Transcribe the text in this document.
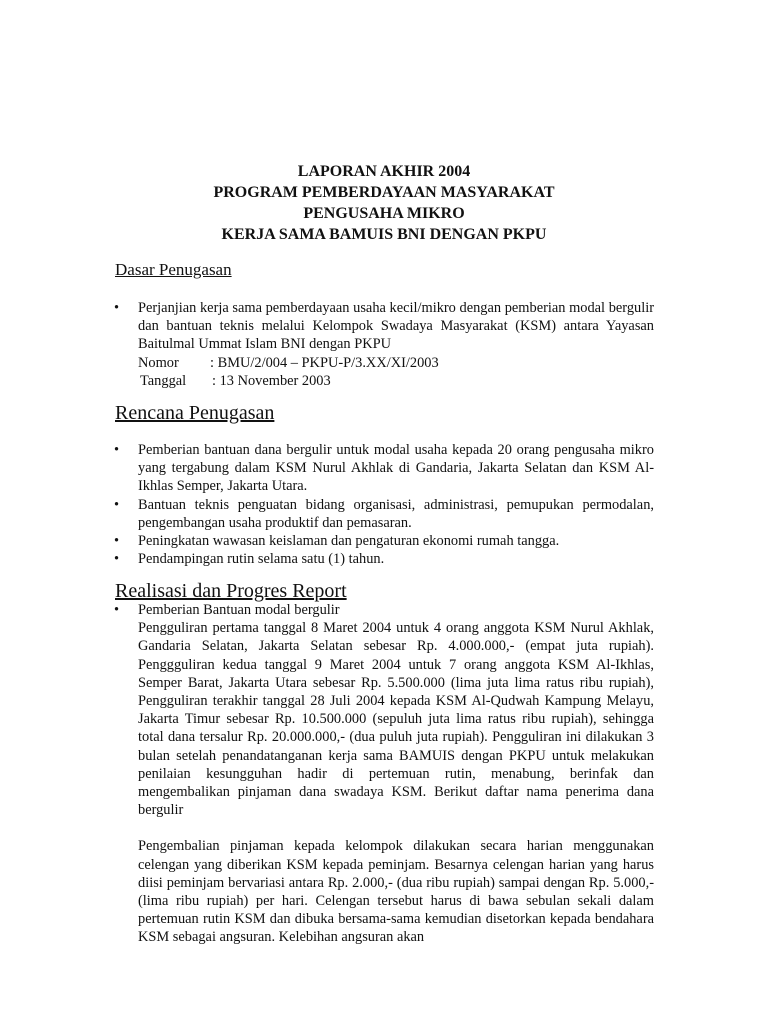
LAPORAN AKHIR 2004
PROGRAM PEMBERDAYAAN MASYARAKAT
PENGUSAHA MIKRO
KERJA SAMA BAMUIS BNI DENGAN PKPU
Dasar Penugasan
• Perjanjian kerja sama pemberdayaan usaha kecil/mikro dengan pemberian modal bergulir dan bantuan teknis melalui Kelompok Swadaya Masyarakat (KSM) antara Yayasan Baitulmal Ummat Islam BNI dengan PKPU
Nomor	: BMU/2/004 – PKPU-P/3.XX/XI/2003
Tanggal	: 13 November 2003
Rencana Penugasan
• Pemberian bantuan dana bergulir untuk modal usaha kepada 20 orang pengusaha mikro yang tergabung dalam KSM Nurul Akhlak di Gandaria, Jakarta Selatan dan KSM Al-Ikhlas Semper, Jakarta Utara.
• Bantuan teknis penguatan bidang organisasi, administrasi, pemupukan permodalan, pengembangan usaha produktif dan pemasaran.
• Peningkatan wawasan keislaman dan pengaturan ekonomi rumah tangga.
• Pendampingan rutin selama satu (1) tahun.
Realisasi dan Progres Report
• Pemberian Bantuan modal bergulir
Pengguliran pertama tanggal 8 Maret 2004 untuk 4 orang anggota KSM Nurul Akhlak, Gandaria Selatan, Jakarta Selatan sebesar Rp. 4.000.000,- (empat juta rupiah). Penggguliran kedua tanggal 9 Maret 2004 untuk 7 orang anggota KSM Al-Ikhlas, Semper Barat, Jakarta Utara sebesar Rp. 5.500.000 (lima juta lima ratus ribu rupiah), Pengguliran terakhir tanggal 28 Juli 2004 kepada KSM Al-Qudwah Kampung Melayu, Jakarta Timur sebesar Rp. 10.500.000 (sepuluh juta lima ratus ribu rupiah), sehingga total dana tersalur Rp. 20.000.000,- (dua puluh juta rupiah). Pengguliran ini dilakukan 3 bulan setelah penandatanganan kerja sama BAMUIS dengan PKPU untuk melakukan penilaian kesungguhan hadir di pertemuan rutin, menabung, berinfak dan mengembalikan pinjaman dana swadaya KSM. Berikut daftar nama penerima dana bergulir
Pengembalian pinjaman kepada kelompok dilakukan secara harian menggunakan celengan yang diberikan KSM kepada peminjam. Besarnya celengan harian yang harus diisi peminjam bervariasi antara Rp. 2.000,- (dua ribu rupiah) sampai dengan Rp. 5.000,- (lima ribu rupiah) per hari. Celengan tersebut harus di bawa sebulan sekali dalam pertemuan rutin KSM dan dibuka bersama-sama kemudian disetorkan kepada bendahara KSM sebagai angsuran. Kelebihan angsuran akan
